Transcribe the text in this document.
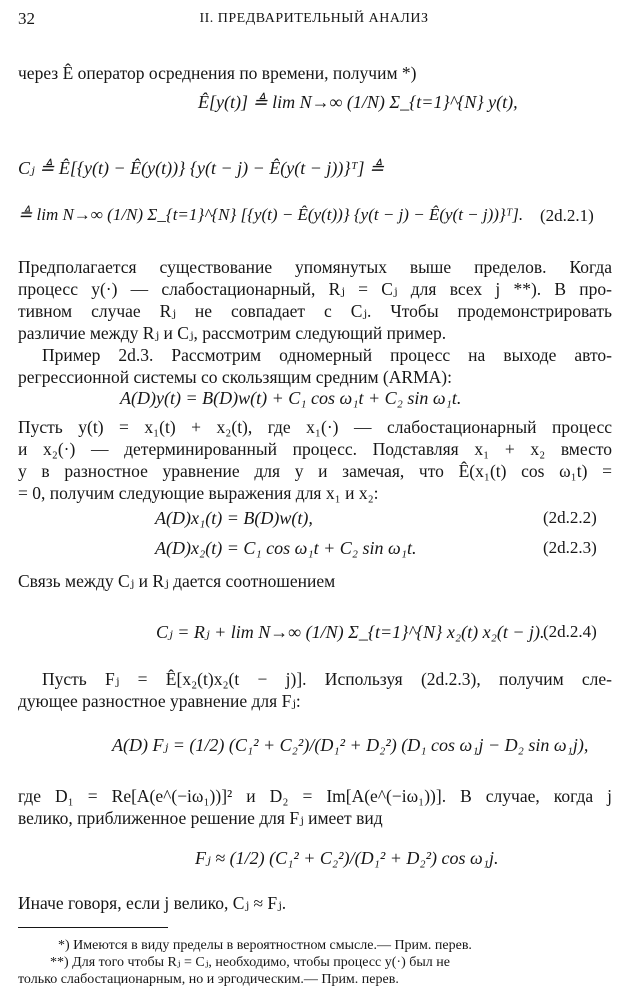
32	II. ПРЕДВАРИТЕЛЬНЫЙ АНАЛИЗ
через Ê оператор осреднения по времени, получим *)
Ê[y(t)] ≜ lim N→∞ (1/N) Σ_{t=1}^{N} y(t),
Cⱼ ≜ Ê[{y(t) − Ê(y(t))} {y(t − j) − Ê(y(t − j))}ᵀ] ≜
≜ lim N→∞ (1/N) Σ_{t=1}^{N} [{y(t) − Ê(y(t))} {y(t − j) − Ê(y(t − j))}ᵀ]. (2d.2.1)
Предполагается существование упомянутых выше пределов. Когда
процесс y(·) — слабостационарный, Rⱼ = Cⱼ для всех j **). В про-
тивном случае Rⱼ не совпадает с Cⱼ. Чтобы продемонстрировать
различие между Rⱼ и Cⱼ, рассмотрим следующий пример.
Пример 2d.3. Рассмотрим одномерный процесс на выходе авто-
регрессионной системы со скользящим средним (ARMA):
A(D)y(t) = B(D)w(t) + C₁ cos ω₁t + C₂ sin ω₁t.
Пусть y(t) = x₁(t) + x₂(t), где x₁(·) — слабостационарный процесс
и x₂(·) — детерминированный процесс. Подставляя x₁ + x₂ вместо
y в разностное уравнение для y и замечая, что Ê(x₁(t) cos ω₁t) =
= 0, получим следующие выражения для x₁ и x₂:
A(D)x₁(t) = B(D)w(t),	(2d.2.2)
A(D)x₂(t) = C₁ cos ω₁t + C₂ sin ω₁t.	(2d.2.3)
Связь между Cⱼ и Rⱼ дается соотношением
Cⱼ = Rⱼ + lim N→∞ (1/N) Σ_{t=1}^{N} x₂(t) x₂(t − j).
(2d.2.4)
Пусть Fⱼ = Ê[x₂(t)x₂(t − j)]. Используя (2d.2.3), получим сле-
дующее разностное уравнение для Fⱼ:
A(D) Fⱼ = (1/2) (C₁² + C₂²)/(D₁² + D₂²) (D₁ cos ω₁j − D₂ sin ω₁j),
где D₁ = Re[A(e^(−iω₁))]² и D₂ = Im[A(e^(−iω₁))]. В случае, когда j
велико, приближенное решение для Fⱼ имеет вид
Fⱼ ≈ (1/2) (C₁² + C₂²)/(D₁² + D₂²) cos ω₁j.
Иначе говоря, если j велико, Cⱼ ≈ Fⱼ.
*) Имеются в виду пределы в вероятностном смысле.— Прим. перев.
**) Для того чтобы Rⱼ = Cⱼ, необходимо, чтобы процесс y(·) был не
только слабостационарным, но и эргодическим.— Прим. перев.
